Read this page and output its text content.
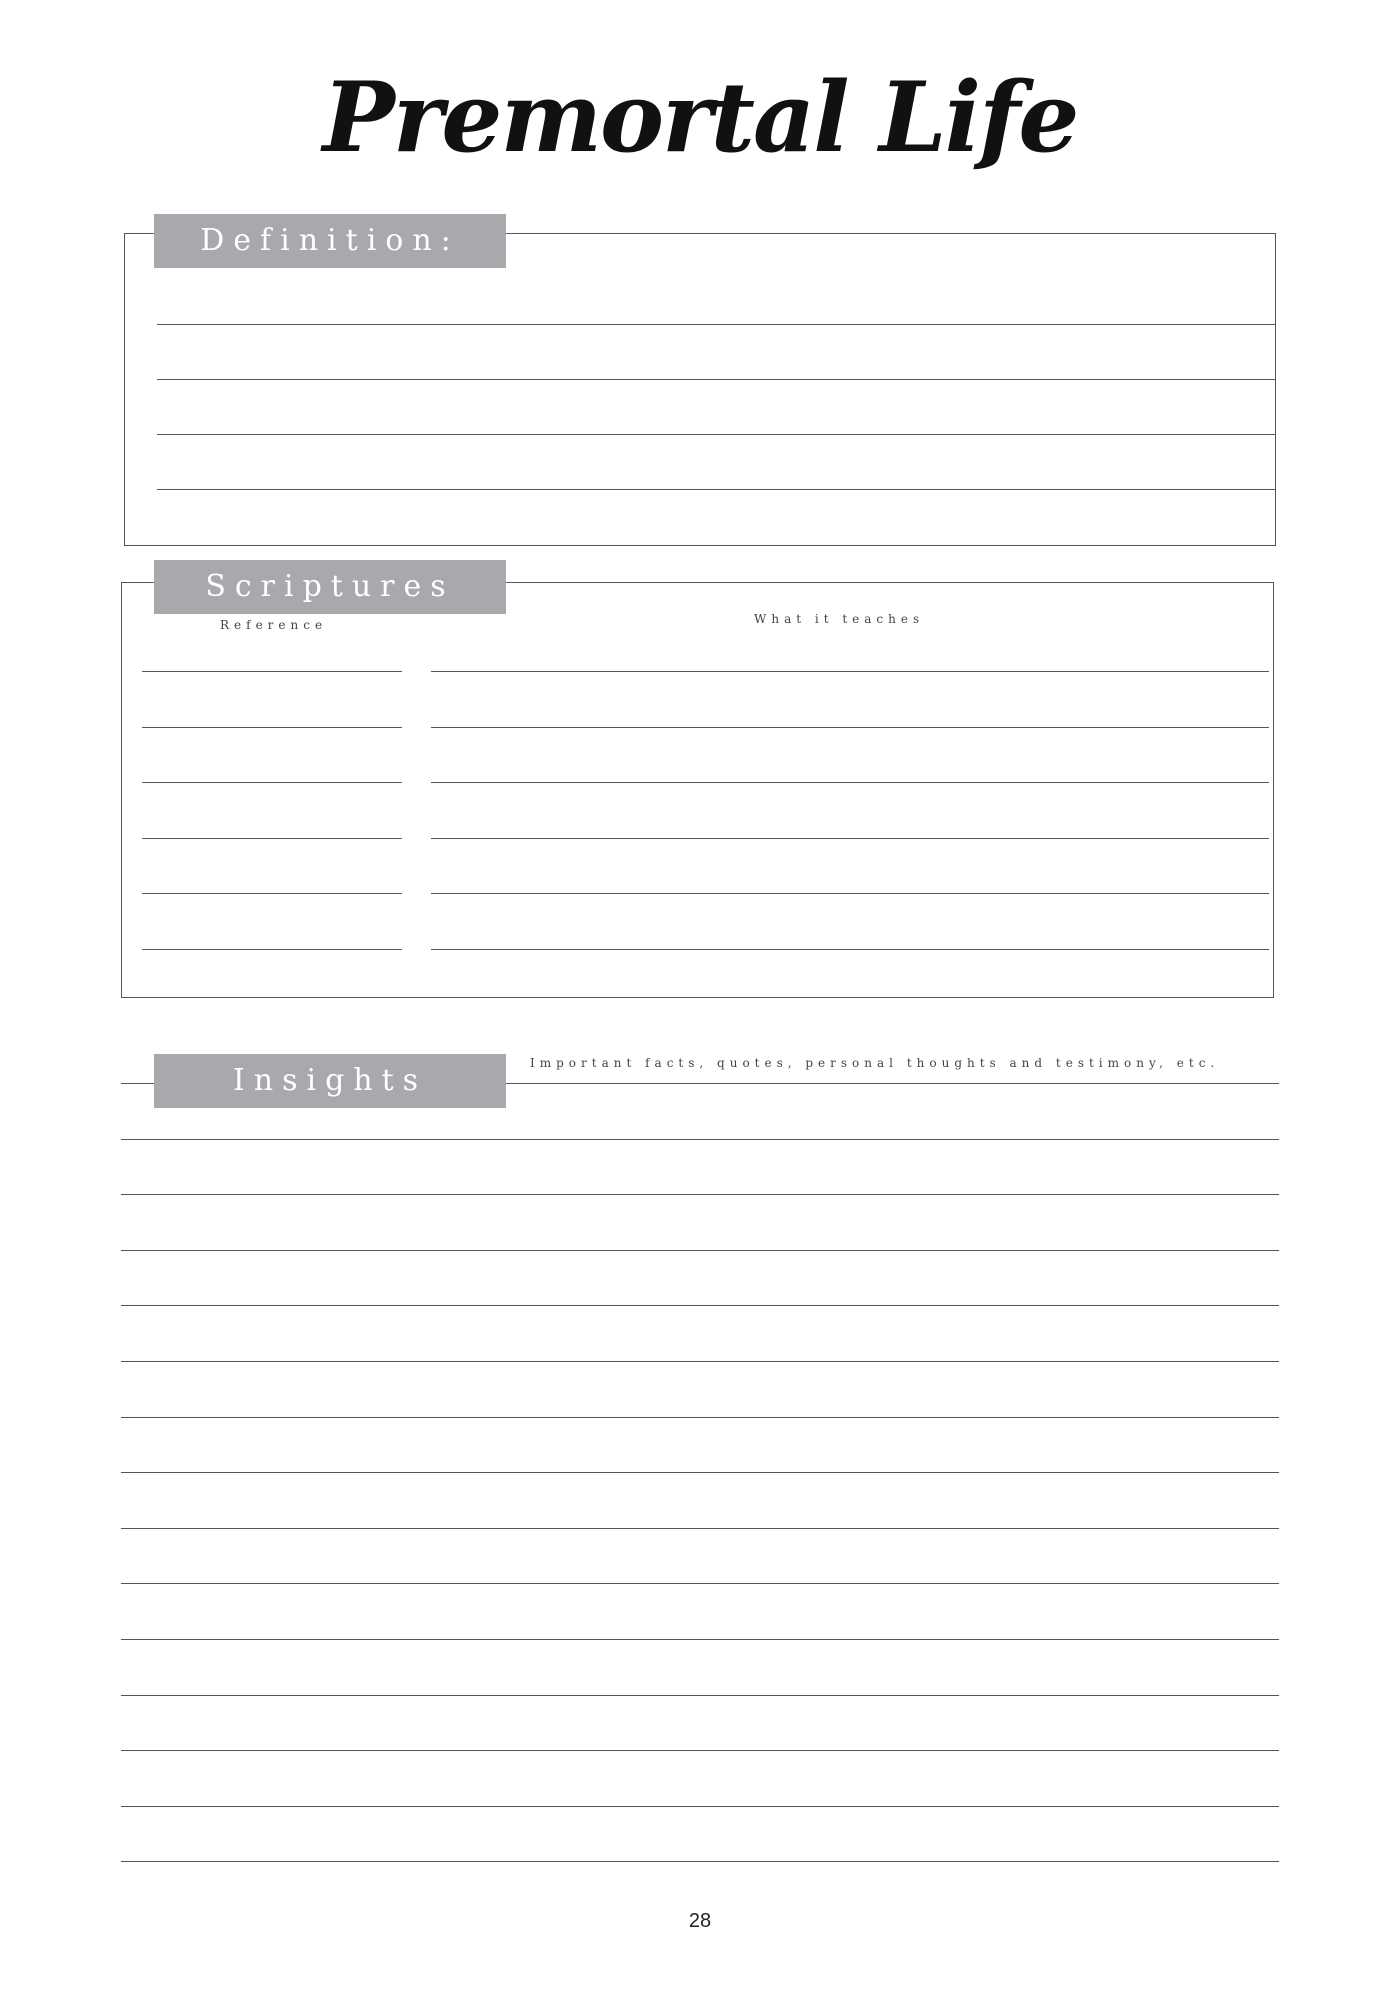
Premortal Life
Definition:
Scriptures
Reference	What it teaches
Insights	Important facts, quotes, personal thoughts and testimony, etc.
28
